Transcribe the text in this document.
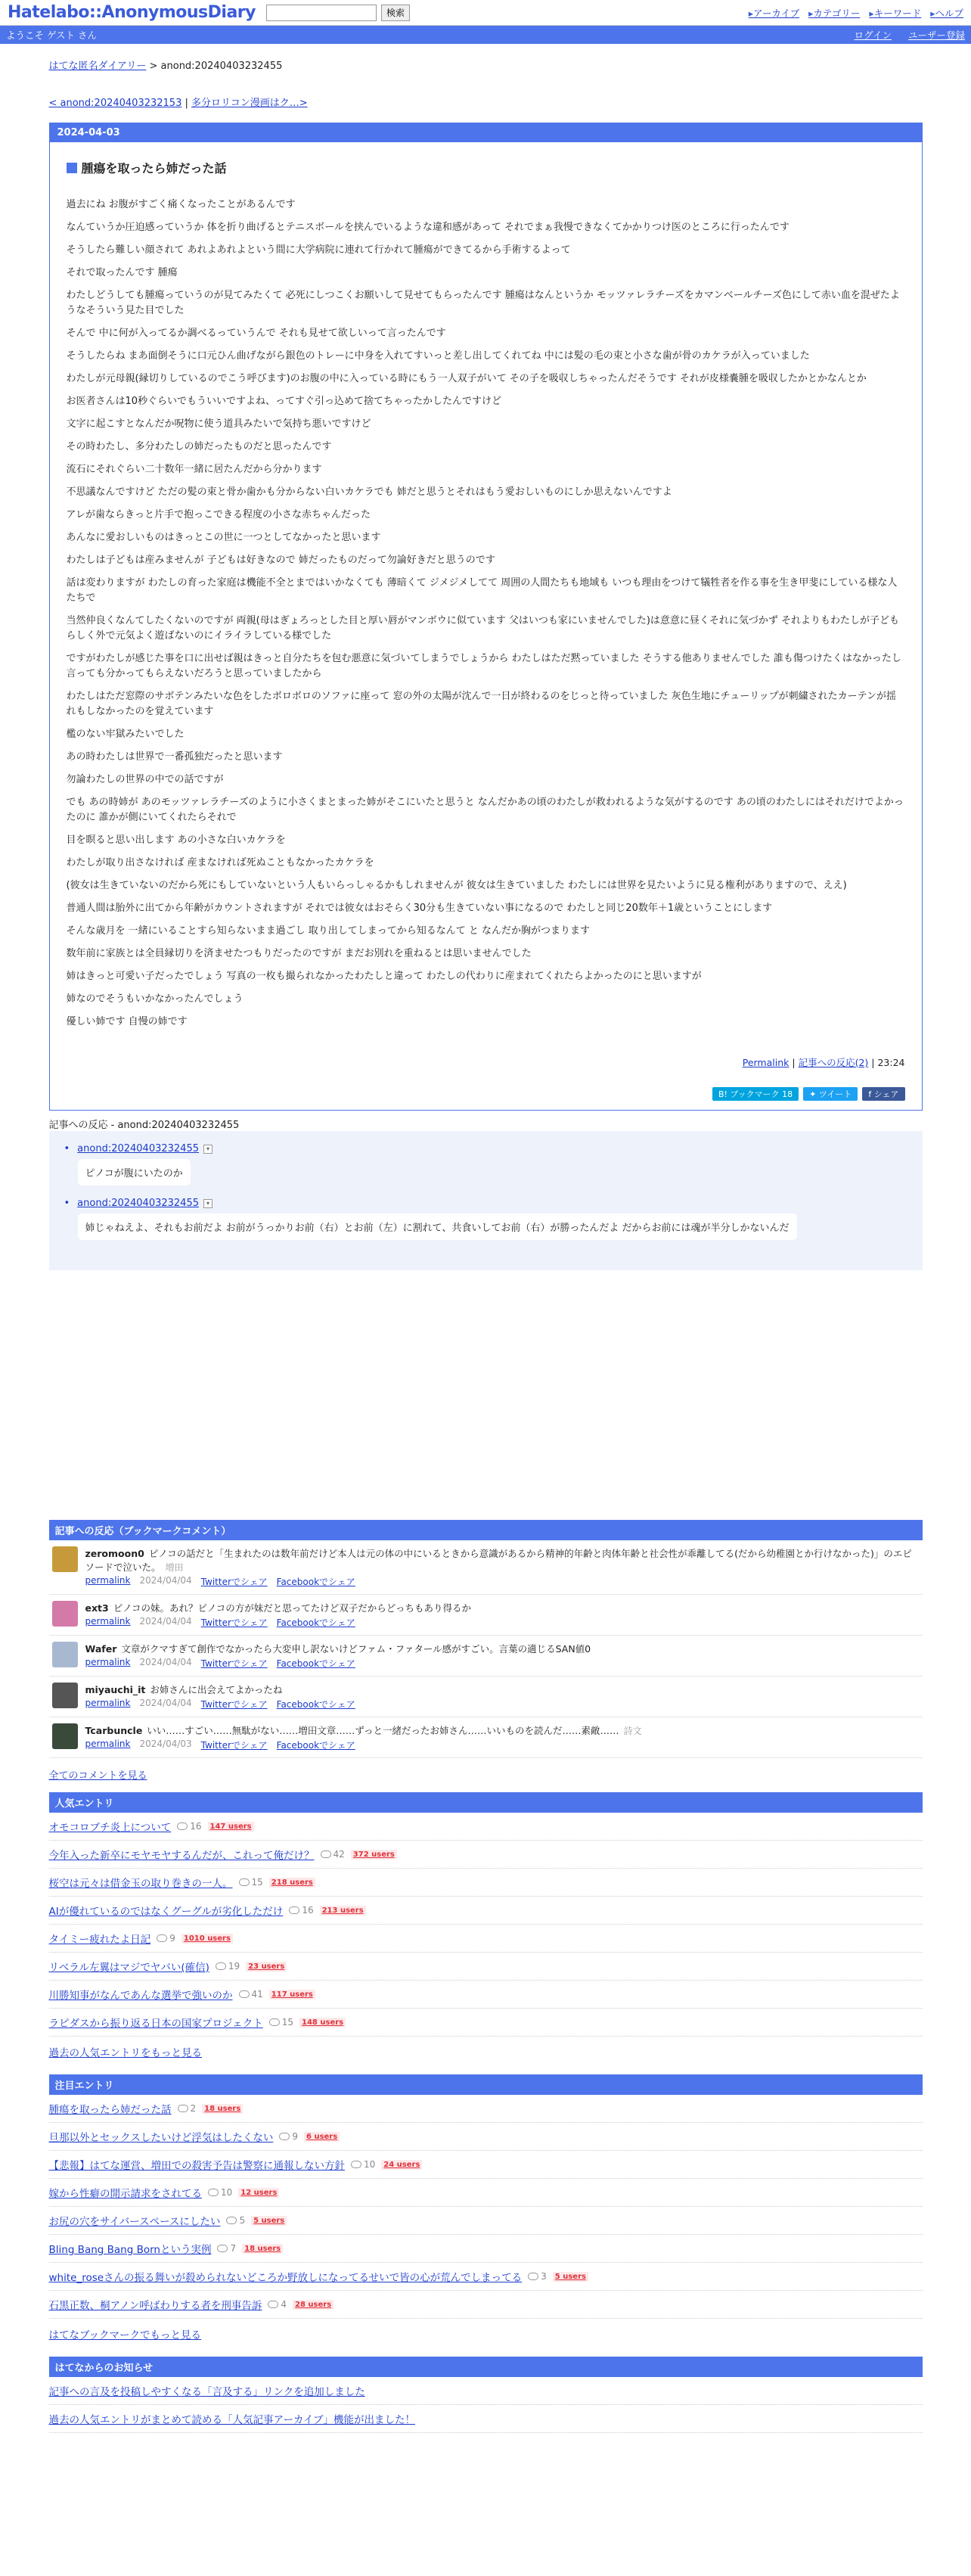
Hatelabo::AnonymousDiary	検索	▸ アーカイブ	▸ カテゴリー	▸ キーワード	▸ ヘルプ
ようこそ ゲスト さん	ログイン ユーザー登録
はてな匿名ダイアリー > anond:20240403232455
< anond:20240403232153 | 多分ロリコン漫画はク…>
2024-04-03
腫瘍を取ったら姉だった話

過去にね お腹がすごく痛くなったことがあるんです

なんていうか圧迫感っていうか 体を折り曲げるとテニスボールを挟んでいるような違和感があって それでまぁ我慢できなくてかかりつけ医のところに行ったんです

そうしたら難しい顔されて あれよあれよという間に大学病院に連れて行かれて腫瘍ができてるから手術するよって

それで取ったんです 腫瘍

わたしどうしても腫瘍っていうのが見てみたくて 必死にしつこくお願いして見せてもらったんです 腫瘍はなんというか モッツァレラチーズをカマンベールチーズ色にして赤い血を混ぜたようなそういう見た目でした

そんで 中に何が入ってるか調べるっていうんで それも見せて欲しいって言ったんです

そうしたらね まあ面倒そうに口元ひん曲げながら銀色のトレーに中身を入れてすいっと差し出してくれてね 中には髪の毛の束と小さな歯が骨のカケラが入っていました

わたしが元母親(縁切りしているのでこう呼びます)のお腹の中に入っている時にもう一人双子がいて その子を吸収しちゃったんだそうです それが皮様嚢腫を吸収したかとかなんとか

お医者さんは10秒ぐらいでもういいですよね、ってすぐ引っ込めて捨てちゃったかしたんですけど

文字に起こすとなんだか呪物に使う道具みたいで気持ち悪いですけど

その時わたし、多分わたしの姉だったものだと思ったんです

流石にそれぐらい二十数年一緒に居たんだから分かります

不思議なんですけど ただの髪の束と骨か歯かも分からない白いカケラでも 姉だと思うとそれはもう愛おしいものにしか思えないんですよ

アレが歯ならきっと片手で抱っこできる程度の小さな赤ちゃんだった

あんなに愛おしいものはきっとこの世に一つとしてなかったと思います

わたしは子どもは産みませんが 子どもは好きなので 姉だったものだって勿論好きだと思うのです

話は変わりますが わたしの育った家庭は機能不全とまではいかなくても 薄暗くて ジメジメしてて 周囲の人間たちも地域も いつも理由をつけて犠牲者を作る事を生き甲斐にしている様な人たちで

当然仲良くなんてしたくないのですが 両親(母はぎょろっとした目と厚い唇がマンボウに似ています 父はいつも家にいませんでした)は意意に昼くそれに気づかず それよりもわたしが子どもらしく外で元気よく遊ばないのにイライラしている様でした

ですがわたしが感じた事を口に出せば親はきっと自分たちを包む悪意に気づいてしまうでしょうから わたしはただ黙っていました そうする他ありませんでした 誰も傷つけたくはなかったし 言っても分かってもらえないだろうと思っていましたから

わたしはただ窓際のサボテンみたいな色をしたボロボロのソファに座って 窓の外の太陽が沈んで一日が終わるのをじっと待っていました 灰色生地にチューリップが刺繍されたカーテンが揺れもしなかったのを覚えています

檻のない牢獄みたいでした

あの時わたしは世界で一番孤独だったと思います

勿論わたしの世界の中での話ですが

でも あの時姉が あのモッツァレラチーズのように小さくまとまった姉がそこにいたと思うと なんだかあの頃のわたしが救われるような気がするのです あの頃のわたしにはそれだけでよかったのに 誰かが側にいてくれたらそれで

目を瞑ると思い出します あの小さな白いカケラを

わたしが取り出さなければ 産まなければ死ぬこともなかったカケラを

(彼女は生きていないのだから死にもしていないという人もいらっしゃるかもしれませんが 彼女は生きていました わたしには世界を見たいように見る権利がありますので、ええ)

普通人間は胎外に出てから年齢がカウントされますが それでは彼女はおそらく30分も生きていない事になるので わたしと同じ20数年＋1歳ということにします

そんな歳月を 一緒にいることすら知らないまま過ごし 取り出してしまってから知るなんて と なんだか胸がつまります

数年前に家族とは全員縁切りを済ませたつもりだったのですが まだお別れを重ねるとは思いませんでした

姉はきっと可愛い子だったでしょう 写真の一枚も撮られなかったわたしと違って わたしの代わりに産まれてくれたらよかったのにと思いますが

姉なのでそうもいかなかったんでしょう

優しい姉です 自慢の姉です

Permalink | 記事への反応(2) | 23:24
B! ブックマーク 18	✦ ツイート f シェア
記事への反応 - anond:20240403232455
• anond:20240403232455	▾
ピノコが腹にいたのか
• anond:20240403232455	▾
姉じゃねえよ、それもお前だよ お前がうっかりお前（右）とお前（左）に割れて、共食いしてお前（右）が勝ったんだよ だからお前には魂が半分しかないんだ
記事への反応（ブックマークコメント）
zeromoon0 ピノコの話だと「生まれたのは数年前だけど本人は元の体の中にいるときから意識があるから精神的年齢と肉体年齢と社会性が乖離してる(だから幼稚園とか行けなかった)」のエピソードで泣いた。 増田
permalink 2024/04/04 Twitterでシェア Facebookでシェア
ext3 ピノコの妹。あれ？ピノコの方が妹だと思ってたけど双子だからどっちもあり得るか
permalink 2024/04/04 Twitterでシェア Facebookでシェア
Wafer 文章がクマすぎて創作でなかったら大変申し訳ないけどファム・ファタール感がすごい。言葉の適じるSAN値0
permalink 2024/04/04 Twitterでシェア Facebookでシェア
miyauchi_it お姉さんに出会えてよかったね
permalink 2024/04/04 Twitterでシェア Facebookでシェア
Tcarbuncle いい……すごい……無駄がない……増田文章……ずっと一緒だったお姉さん……いいものを読んだ……素敵…… 詩文
permalink 2024/04/03 Twitterでシェア Facebookでシェア
全てのコメントを見る
人気エントリ
オモコロブチ炎上について 16	147 users
今年入った新卒にモヤモヤするんだが、これって俺だけ？ 42	372 users
桜空は元々は借金玉の取り巻きの一人。 15	218 users
AIが優れているのではなくグーグルが劣化しただけ 16	213 users
タイミー疲れたよ日記 9	1010 users
リベラル左翼はマジでヤバい(確信) 19	23 users
川勝知事がなんであんな選挙で強いのか 41	117 users
ラピダスから振り返る日本の国家プロジェクト 15	148 users
過去の人気エントリをもっと見る
注目エントリ
腫瘍を取ったら姉だった話 2	18 users
旦那以外とセックスしたいけど浮気はしたくない 9	6 users
【悲報】はてな運営、増田での殺害予告は警察に通報しない方針 10	24 users
嫁から性癖の開示請求をされてる 10	12 users
お尻の穴をサイバースペースにしたい 5	5 users
Bling Bang Bang Bornという実例 7	18 users
white_roseさんの振る舞いが殺められないどころか野放しになってるせいで皆の心が荒んでしまってる 3	5 users
石黒正数、桐アノン呼ばわりする者を刑事告訴 4	28 users
はてなブックマークでもっと見る
はてなからのお知らせ
記事への言及を投稿しやすくなる「言及する」リンクを追加しました
過去の人気エントリがまとめて読める「人気記事アーカイブ」機能が出ました！
